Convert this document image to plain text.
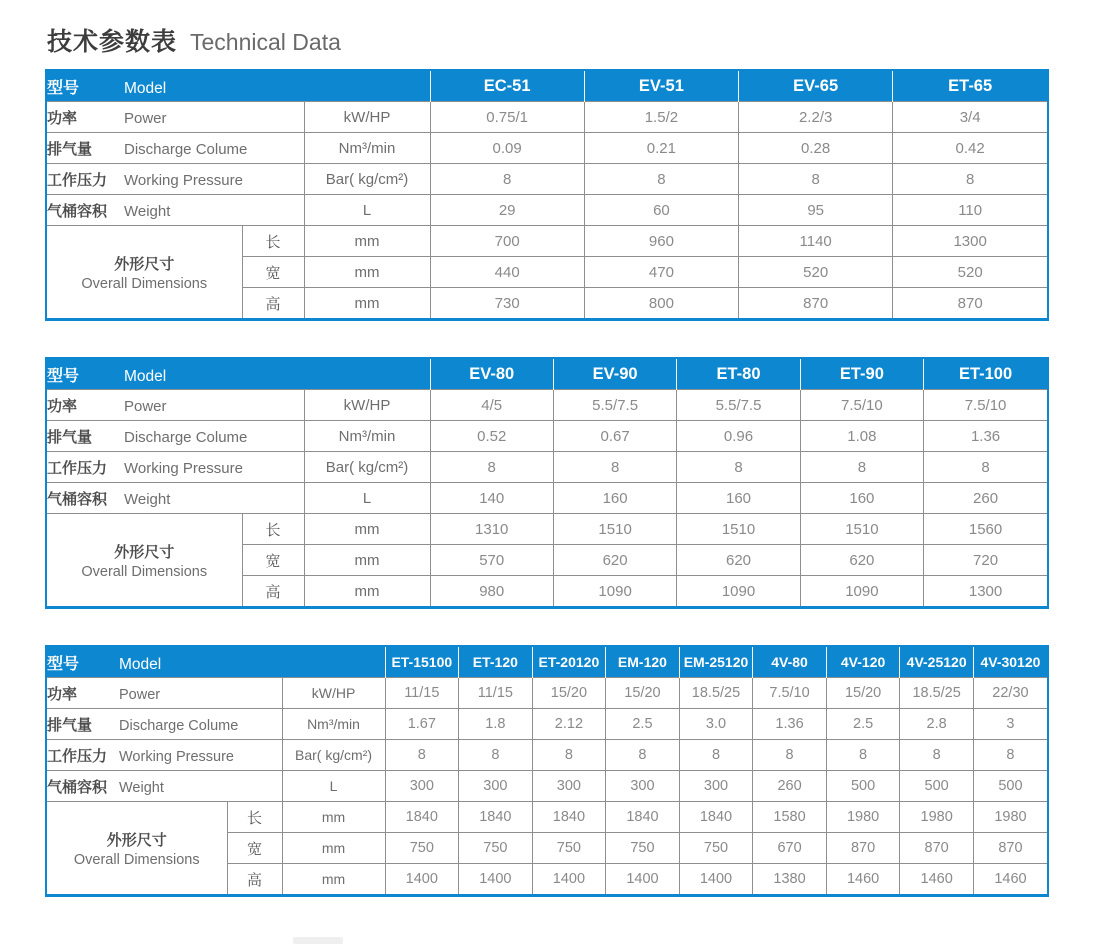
技术参数表 Technical Data
型号 Model			EC-51	EV-51	EV-65	ET-65
功率 Power		kW/HP	0.75/1	1.5/2	2.2/3	3/4
排气量 Discharge Colume		Nm³/min	0.09	0.21	0.28	0.42
工作压力 Working Pressure		Bar( kg/cm²)	8	8	8	8
气桶容积 Weight		L	29	60	95	110

外形尺寸
Overall Dimensions	长	mm	700	960	1140	1300
	宽	mm	440	470	520	520
	高	mm	730	800	870	870
型号 Model			EV-80	EV-90	ET-80	ET-90	ET-100
功率 Power		kW/HP	4/5	5.5/7.5	5.5/7.5	7.5/10	7.5/10
排气量 Discharge Colume		Nm³/min	0.52	0.67	0.96	1.08	1.36
工作压力 Working Pressure		Bar( kg/cm²)	8	8	8	8	8
气桶容积 Weight		L	140	160	160	160	260

外形尺寸
Overall Dimensions	长	mm	1310	1510	1510	1510	1560
	宽	mm	570	620	620	620	720
	高	mm	980	1090	1090	1090	1300
型号 Model			ET-15100	ET-120	ET-20120	EM-120	EM-25120	4V-80	4V-120	4V-25120	4V-30120
功率 Power		kW/HP	11/15	11/15	15/20	15/20	18.5/25	7.5/10	15/20	18.5/25	22/30
排气量 Discharge Colume		Nm³/min	1.67	1.8	2.12	2.5	3.0	1.36	2.5	2.8	3
工作压力 Working Pressure		Bar( kg/cm²)	8	8	8	8	8	8	8	8	8
气桶容积 Weight		L	300	300	300	300	300	260	500	500	500

外形尺寸
Overall Dimensions	长	mm	1840	1840	1840	1840	1840	1580	1980	1980	1980
	宽	mm	750	750	750	750	750	670	870	870	870
	高	mm	1400	1400	1400	1400	1400	1380	1460	1460	1460
